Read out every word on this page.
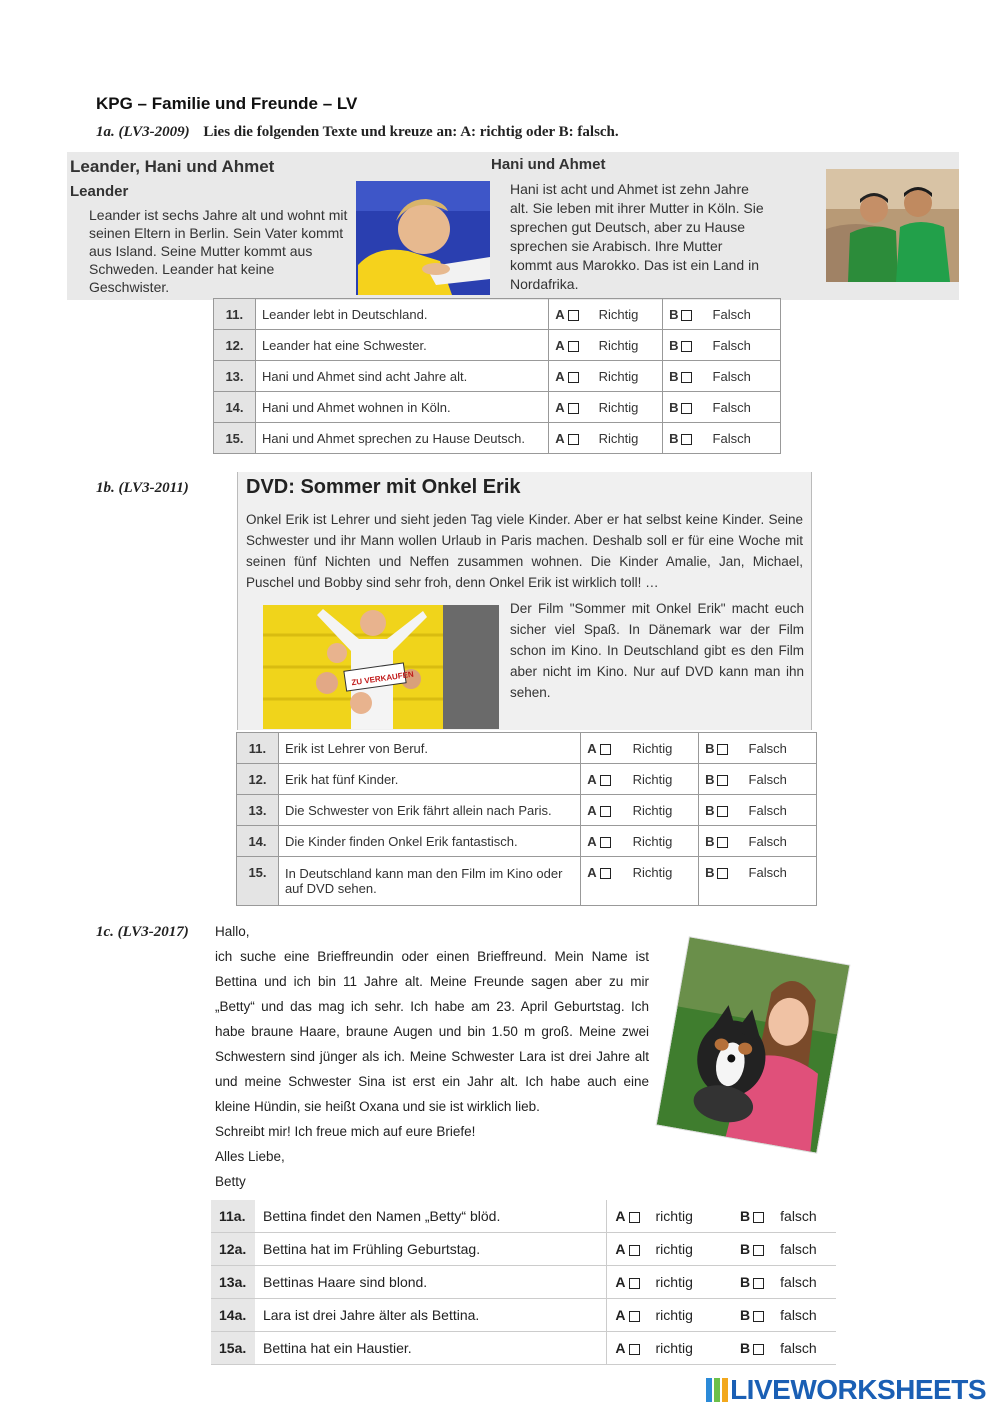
KPG – Familie und Freunde – LV
1a. (LV3-2009) Lies die folgenden Texte und kreuze an: A: richtig oder B: falsch.
Leander, Hani und Ahmet
Leander
Leander ist sechs Jahre alt und wohnt mit seinen Eltern in Berlin. Sein Vater kommt aus Island. Seine Mutter kommt aus Schweden. Leander hat keine Geschwister.
Hani und Ahmet
Hani ist acht und Ahmet ist zehn Jahre alt. Sie leben mit ihrer Mutter in Köln. Sie sprechen gut Deutsch, aber zu Hause sprechen sie Arabisch. Ihre Mutter kommt aus Marokko. Das ist ein Land in Nordafrika.
11.	Leander lebt in Deutschland.	A	Richtig	B	Falsch
12.	Leander hat eine Schwester.	A	Richtig	B	Falsch
13.	Hani und Ahmet sind acht Jahre alt.	A	Richtig	B	Falsch
14.	Hani und Ahmet wohnen in Köln.	A	Richtig	B	Falsch
15.	Hani und Ahmet sprechen zu Hause Deutsch.	A	Richtig	B	Falsch
1b. (LV3-2011)	DVD: Sommer mit Onkel Erik
Onkel Erik ist Lehrer und sieht jeden Tag viele Kinder. Aber er hat selbst keine Kinder. Seine Schwester und ihr Mann wollen Urlaub in Paris machen. Deshalb soll er für eine Woche mit seinen fünf Nichten und Neffen zusammen wohnen. Die Kinder Amalie, Jan, Michael, Puschel und Bobby sind sehr froh, denn Onkel Erik ist wirklich toll! …
ZU VERKAUFEN
Der Film "Sommer mit Onkel Erik" macht euch sicher viel Spaß. In Dänemark war der Film schon im Kino. In Deutschland gibt es den Film aber nicht im Kino. Nur auf DVD kann man ihn sehen.
11.	Erik ist Lehrer von Beruf.	A	Richtig	B	Falsch
12.	Erik hat fünf Kinder.	A	Richtig	B	Falsch
13.	Die Schwester von Erik fährt allein nach Paris.	A	Richtig	B	Falsch
14.	Die Kinder finden Onkel Erik fantastisch.	A	Richtig	B	Falsch
15.	In Deutschland kann man den Film im Kino oder auf DVD sehen.	A	Richtig	B	Falsch
1c. (LV3-2017)	Hallo,
ich suche eine Brieffreundin oder einen Brieffreund. Mein Name ist Bettina und ich bin 11 Jahre alt. Meine Freunde sagen aber zu mir „Betty“ und das mag ich sehr. Ich habe am 23. April Geburtstag. Ich habe braune Haare, braune Augen und bin 1.50 m groß. Meine zwei Schwestern sind jünger als ich. Meine Schwester Lara ist drei Jahre alt und meine Schwester Sina ist erst ein Jahr alt. Ich habe auch eine kleine Hündin, sie heißt Oxana und sie ist wirklich lieb.
Schreibt mir! Ich freue mich auf eure Briefe!
Alles Liebe,
Betty
11a.	Bettina findet den Namen „Betty“ blöd.	A	richtig	B	falsch
12a.	Bettina hat im Frühling Geburtstag.	A	richtig	B	falsch
13a.	Bettinas Haare sind blond.	A	richtig	B	falsch
14a.	Lara ist drei Jahre älter als Bettina.	A	richtig	B	falsch
15a.	Bettina hat ein Haustier.	A	richtig	B	falsch
LIVEWORKSHEETS
